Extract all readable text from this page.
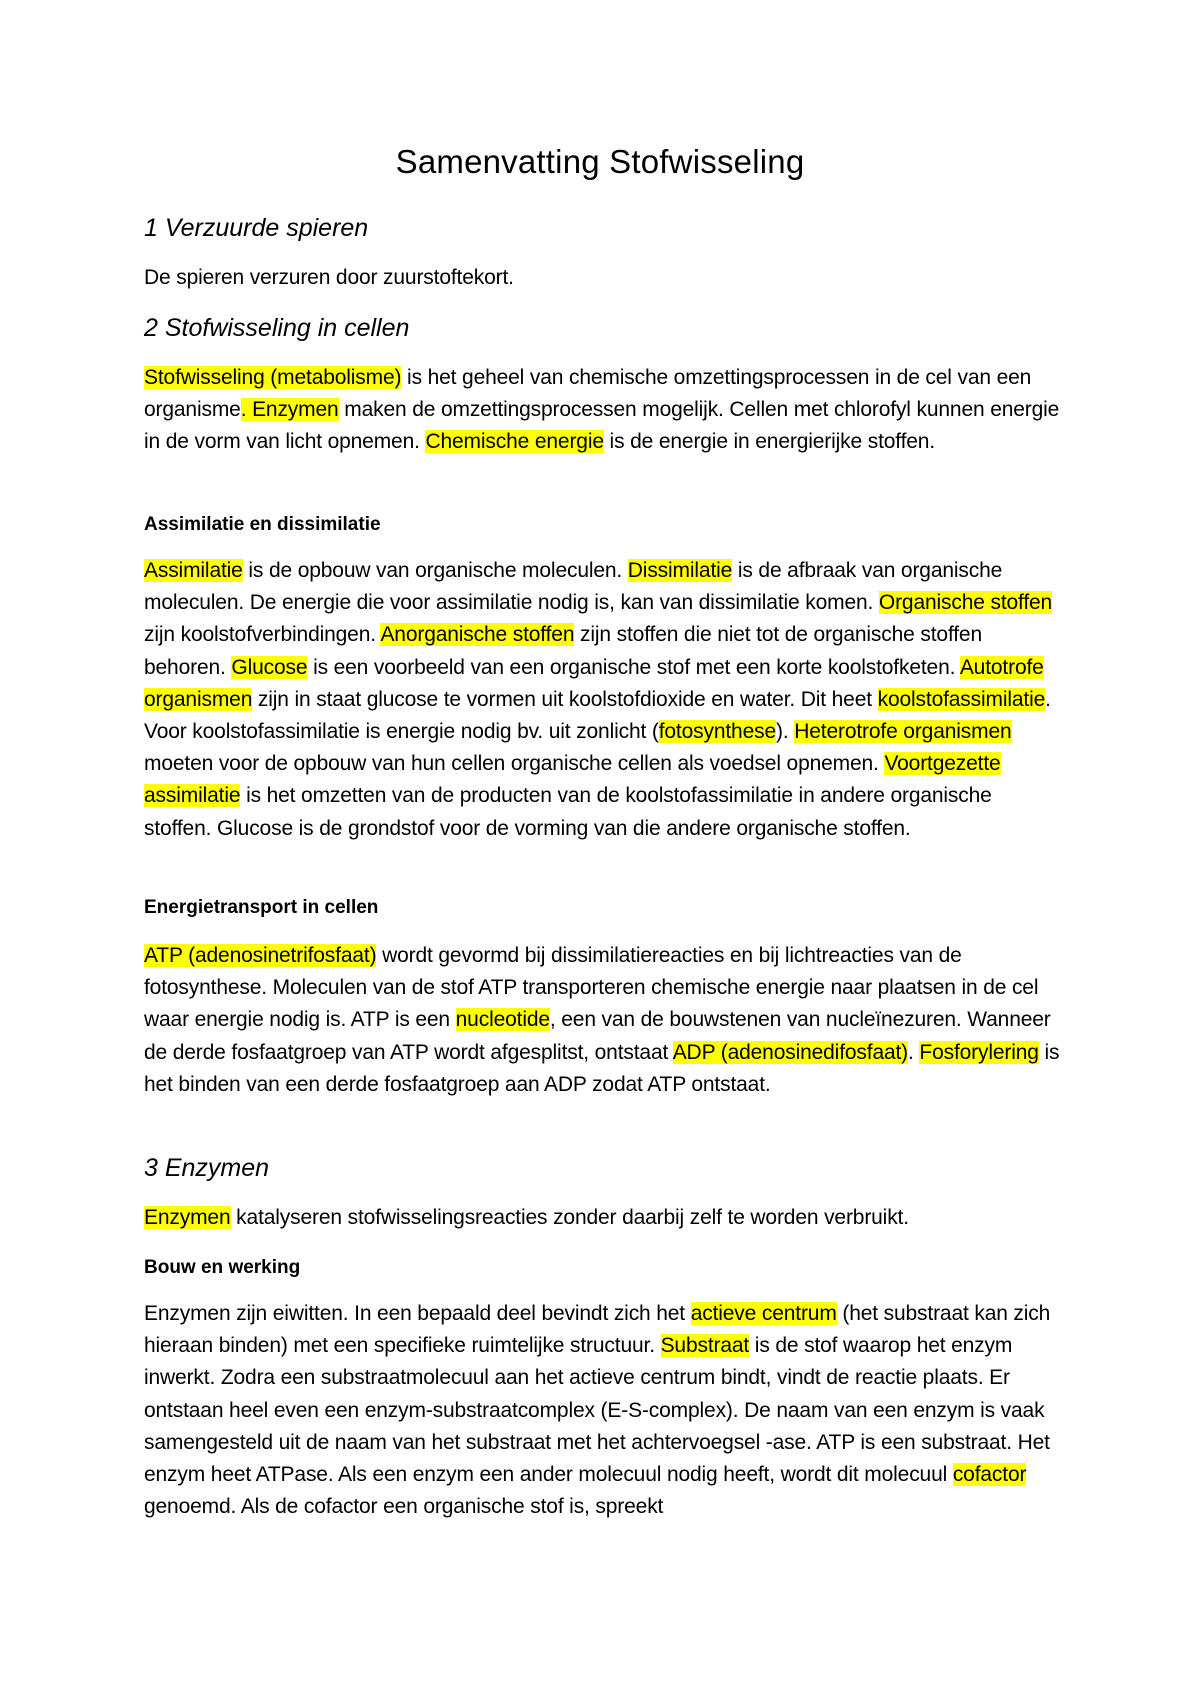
Samenvatting Stofwisseling
1 Verzuurde spieren

De spieren verzuren door zuurstoftekort.

2 Stofwisseling in cellen

Stofwisseling (metabolisme) is het geheel van chemische omzettingsprocessen in de cel van een organisme. Enzymen maken de omzettingsprocessen mogelijk. Cellen met chlorofyl kunnen energie in de vorm van licht opnemen. Chemische energie is de energie in energierijke stoffen.

Assimilatie en dissimilatie

Assimilatie is de opbouw van organische moleculen. Dissimilatie is de afbraak van organische moleculen. De energie die voor assimilatie nodig is, kan van dissimilatie komen. Organische stoffen zijn koolstofverbindingen. Anorganische stoffen zijn stoffen die niet tot de organische stoffen behoren. Glucose is een voorbeeld van een organische stof met een korte koolstofketen. Autotrofe organismen zijn in staat glucose te vormen uit koolstofdioxide en water. Dit heet koolstofassimilatie. Voor koolstofassimilatie is energie nodig bv. uit zonlicht (fotosynthese). Heterotrofe organismen moeten voor de opbouw van hun cellen organische cellen als voedsel opnemen. Voortgezette assimilatie is het omzetten van de producten van de koolstofassimilatie in andere organische stoffen. Glucose is de grondstof voor de vorming van die andere organische stoffen.

Energietransport in cellen

ATP (adenosinetrifosfaat) wordt gevormd bij dissimilatiereacties en bij lichtreacties van de fotosynthese. Moleculen van de stof ATP transporteren chemische energie naar plaatsen in de cel waar energie nodig is. ATP is een nucleotide, een van de bouwstenen van nucleïnezuren. Wanneer de derde fosfaatgroep van ATP wordt afgesplitst, ontstaat ADP (adenosinedifosfaat). Fosforylering is het binden van een derde fosfaatgroep aan ADP zodat ATP ontstaat.

3 Enzymen

Enzymen katalyseren stofwisselingsreacties zonder daarbij zelf te worden verbruikt.

Bouw en werking

Enzymen zijn eiwitten. In een bepaald deel bevindt zich het actieve centrum (het substraat kan zich hieraan binden) met een specifieke ruimtelijke structuur. Substraat is de stof waarop het enzym inwerkt. Zodra een substraatmolecuul aan het actieve centrum bindt, vindt de reactie plaats. Er ontstaan heel even een enzym-substraatcomplex (E-S-complex). De naam van een enzym is vaak samengesteld uit de naam van het substraat met het achtervoegsel -ase. ATP is een substraat. Het enzym heet ATPase. Als een enzym een ander molecuul nodig heeft, wordt dit molecuul cofactor genoemd. Als de cofactor een organische stof is, spreekt
